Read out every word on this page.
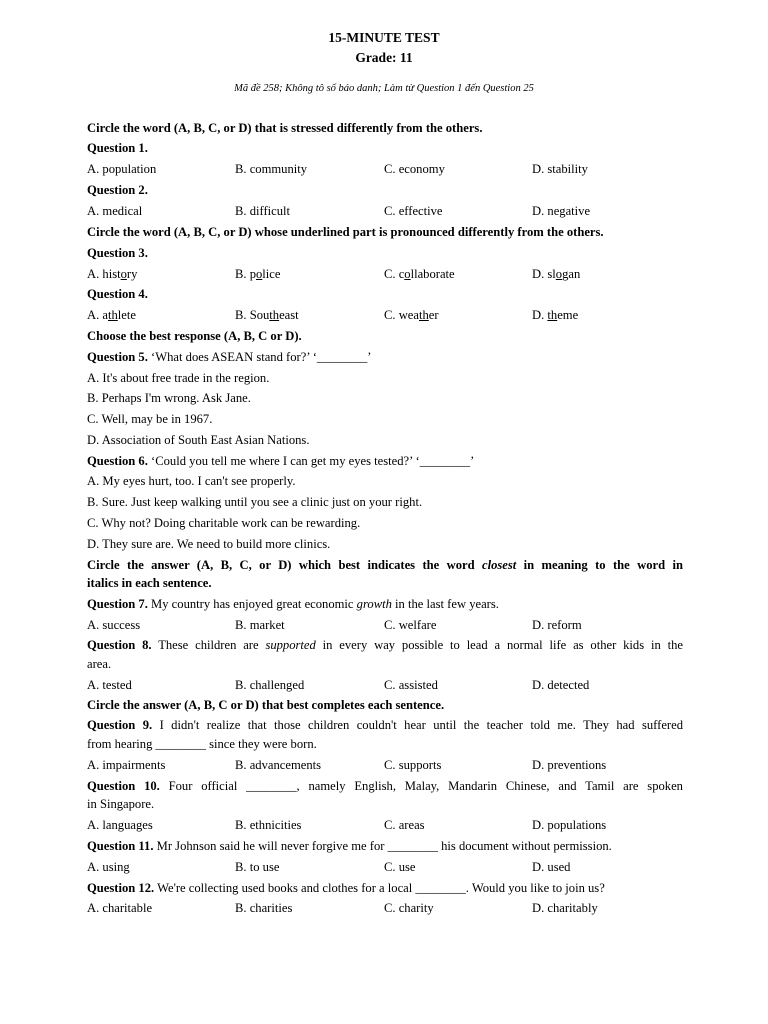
15-MINUTE TEST
Grade: 11
Mã đề 258; Không tô số báo danh; Làm từ Question 1 đến Question 25
Circle the word (A, B, C, or D) that is stressed differently from the others.
Question 1.
A. population	B. community	C. economy	D. stability
Question 2.
A. medical	B. difficult	C. effective	D. negative
Circle the word (A, B, C, or D) whose underlined part is pronounced differently from the others.
Question 3.
A. history	B. police	C. collaborate	D. slogan
Question 4.
A. athlete	B. Southeast	C. weather	D. theme
Choose the best response (A, B, C or D).
Question 5. ‘What does ASEAN stand for?’ ‘________’
A. It's about free trade in the region.
B. Perhaps I'm wrong. Ask Jane.
C. Well, may be in 1967.
D. Association of South East Asian Nations.
Question 6. ‘Could you tell me where I can get my eyes tested?’ ‘________’
A. My eyes hurt, too. I can't see properly.
B. Sure. Just keep walking until you see a clinic just on your right.
C. Why not? Doing charitable work can be rewarding.
D. They sure are. We need to build more clinics.
Circle the answer (A, B, C, or D) which best indicates the word closest in meaning to the word in
italics in each sentence.
Question 7. My country has enjoyed great economic growth in the last few years.
A. success	B. market	C. welfare	D. reform
Question 8. These children are supported in every way possible to lead a normal life as other kids in the
area.
A. tested	B. challenged	C. assisted	D. detected
Circle the answer (A, B, C or D) that best completes each sentence.
Question 9. I didn't realize that those children couldn't hear until the teacher told me. They had suffered
from hearing ________ since they were born.
A. impairments	B. advancements	C. supports	D. preventions
Question 10. Four official ________, namely English, Malay, Mandarin Chinese, and Tamil are spoken
in Singapore.
A. languages	B. ethnicities	C. areas	D. populations
Question 11. Mr Johnson said he will never forgive me for ________ his document without permission.
A. using	B. to use	C. use	D. used
Question 12. We're collecting used books and clothes for a local ________. Would you like to join us?
A. charitable	B. charities	C. charity	D. charitably
